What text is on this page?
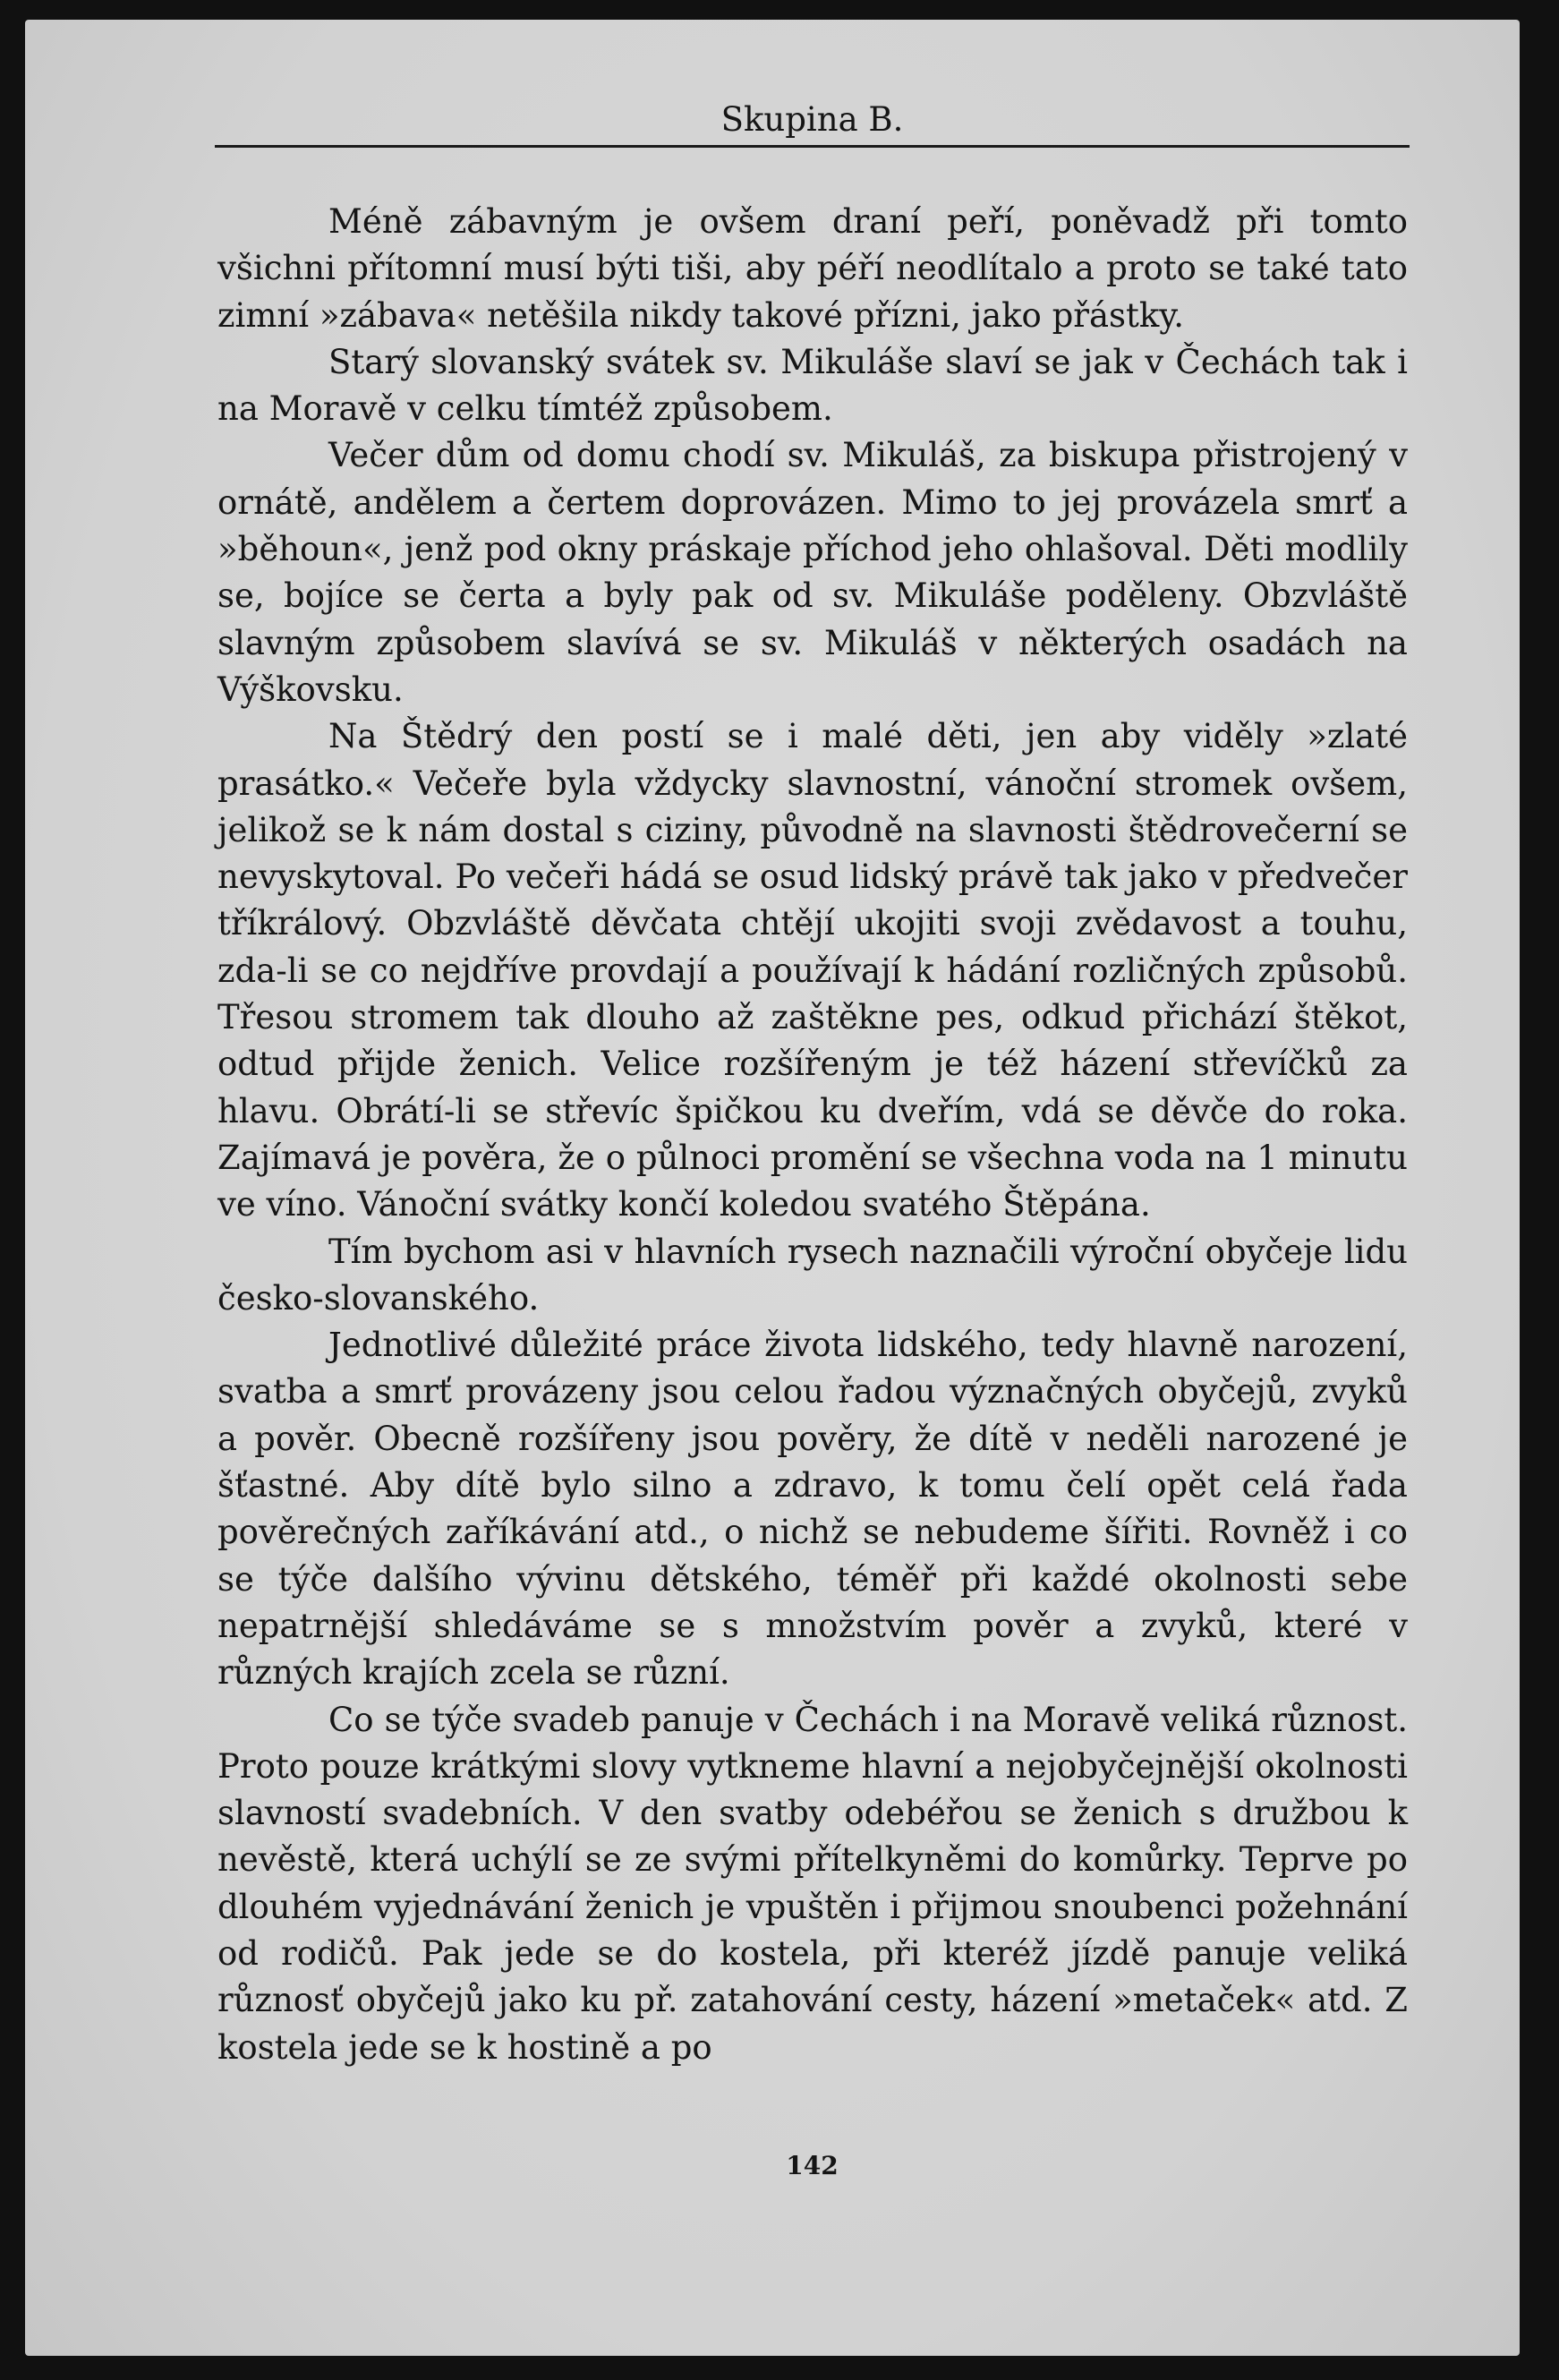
Skupina B.

Méně zábavným je ovšem draní peří, poněvadž při tomto všichni přítomní musí býti tiši, aby péří neodlítalo a proto se také tato zimní »zábava« netěšila nikdy takové přízni, jako přástky.

Starý slovanský svátek sv. Mikuláše slaví se jak v Čechách tak i na Moravě v celku tímtéž způsobem.

Večer dům od domu chodí sv. Mikuláš, za biskupa přistrojený v ornátě, andělem a čertem doprovázen. Mimo to jej provázela smrť a »běhoun«, jenž pod okny práskaje příchod jeho ohlašoval. Děti modlily se, bojíce se čerta a byly pak od sv. Mikuláše poděleny. Obzvláště slavným způsobem slavívá se sv. Mikuláš v některých osadách na Výškovsku.

Na Štědrý den postí se i malé děti, jen aby viděly »zlaté prasátko.« Večeře byla vždycky slavnostní, vánoční stromek ovšem, jelikož se k nám dostal s ciziny, původně na slavnosti štědrovečerní se nevyskytoval. Po večeři hádá se osud lidský právě tak jako v předvečer tříkrálový. Obzvláště děvčata chtějí ukojiti svoji zvědavost a touhu, zda-li se co nejdříve provdají a používají k hádání rozličných způsobů. Třesou stromem tak dlouho až zaštěkne pes, odkud přichází štěkot, odtud přijde ženich. Velice rozšířeným je též házení střevíčků za hlavu. Obrátí-li se střevíc špičkou ku dveřím, vdá se děvče do roka. Zajímavá je pověra, že o půlnoci promění se všechna voda na 1 minutu ve víno. Vánoční svátky končí koledou svatého Štěpána.

Tím bychom asi v hlavních rysech naznačili výroční obyčeje lidu česko-slovanského.

Jednotlivé důležité práce života lidského, tedy hlavně narození, svatba a smrť provázeny jsou celou řadou význačných obyčejů, zvyků a pověr. Obecně rozšířeny jsou pověry, že dítě v neděli narozené je šťastné. Aby dítě bylo silno a zdravo, k tomu čelí opět celá řada pověrečných zaříkávání atd., o nichž se nebudeme šířiti. Rovněž i co se týče dalšího vývinu dětského, téměř při každé okolnosti sebe nepatrnější shledáváme se s množstvím pověr a zvyků, které v různých krajích zcela se různí.

Co se týče svadeb panuje v Čechách i na Moravě veliká různost. Proto pouze krátkými slovy vytkneme hlavní a nejobyčejnější okolnosti slavností svadebních. V den svatby odebéřou se ženich s družbou k nevěstě, která uchýlí se ze svými přítelkyněmi do komůrky. Teprve po dlouhém vyjednávání ženich je vpuštěn i přijmou snoubenci požehnání od rodičů. Pak jede se do kostela, při kteréž jízdě panuje veliká různosť obyčejů jako ku př. zatahování cesty, házení »metaček« atd. Z kostela jede se k hostině a po

142
